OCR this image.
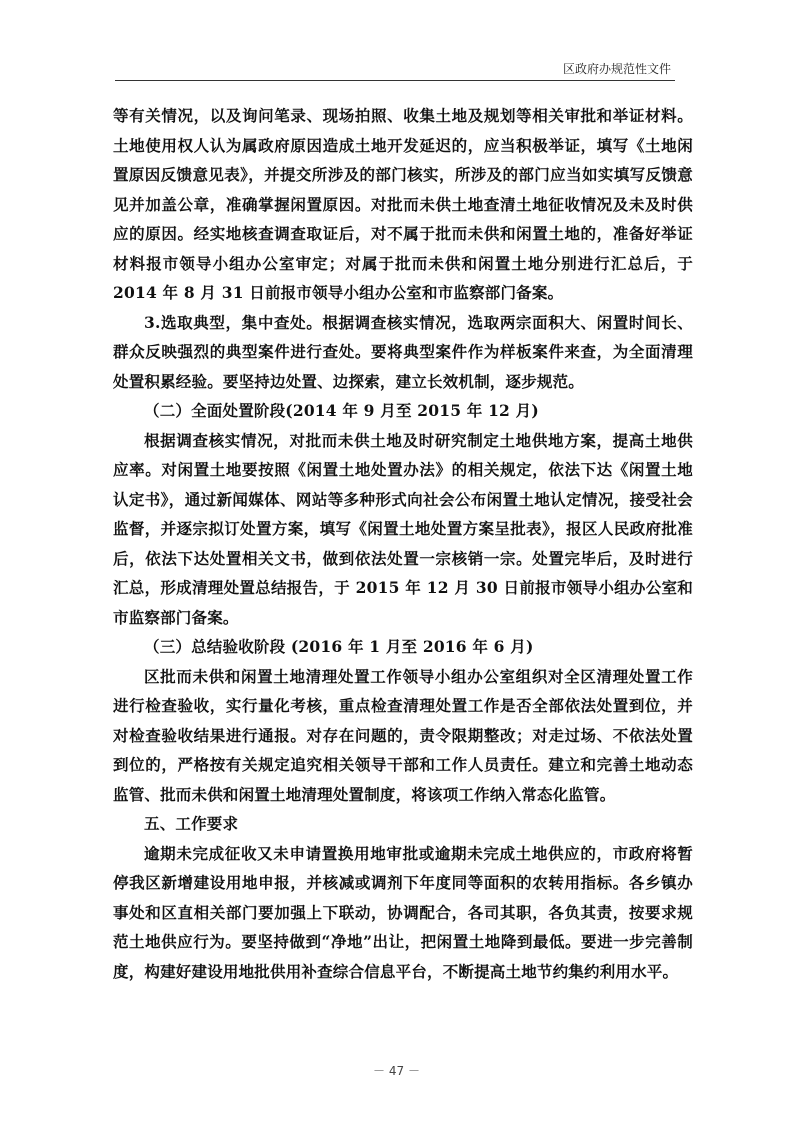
区政府办规范性文件

等有关情况，以及询问笔录、现场拍照、收集土地及规划等相关审批和举证材料。土地使用权人认为属政府原因造成土地开发延迟的，应当积极举证，填写《土地闲置原因反馈意见表》，并提交所涉及的部门核实，所涉及的部门应当如实填写反馈意见并加盖公章，准确掌握闲置原因。对批而未供土地查清土地征收情况及未及时供应的原因。经实地核查调查取证后，对不属于批而未供和闲置土地的，准备好举证材料报市领导小组办公室审定；对属于批而未供和闲置土地分别进行汇总后，于 2014 年 8 月 31 日前报市领导小组办公室和市监察部门备案。

3.选取典型，集中查处。根据调查核实情况，选取两宗面积大、闲置时间长、群众反映强烈的典型案件进行查处。要将典型案件作为样板案件来查，为全面清理处置积累经验。要坚持边处置、边探索，建立长效机制，逐步规范。

（二）全面处置阶段(2014 年 9 月至 2015 年 12 月)

根据调查核实情况，对批而未供土地及时研究制定土地供地方案，提高土地供应率。对闲置土地要按照《闲置土地处置办法》的相关规定，依法下达《闲置土地认定书》，通过新闻媒体、网站等多种形式向社会公布闲置土地认定情况，接受社会监督，并逐宗拟订处置方案，填写《闲置土地处置方案呈批表》，报区人民政府批准后，依法下达处置相关文书，做到依法处置一宗核销一宗。处置完毕后，及时进行汇总，形成清理处置总结报告，于 2015 年 12 月 30 日前报市领导小组办公室和市监察部门备案。

（三）总结验收阶段 (2016 年 1 月至 2016 年 6 月)

区批而未供和闲置土地清理处置工作领导小组办公室组织对全区清理处置工作进行检查验收，实行量化考核，重点检查清理处置工作是否全部依法处置到位，并对检查验收结果进行通报。对存在问题的，责令限期整改；对走过场、不依法处置到位的，严格按有关规定追究相关领导干部和工作人员责任。建立和完善土地动态监管、批而未供和闲置土地清理处置制度，将该项工作纳入常态化监管。

五、工作要求

逾期未完成征收又未申请置换用地审批或逾期未完成土地供应的，市政府将暂停我区新增建设用地申报，并核减或调剂下年度同等面积的农转用指标。各乡镇办事处和区直相关部门要加强上下联动，协调配合，各司其职，各负其责，按要求规范土地供应行为。要坚持做到“净地”出让，把闲置土地降到最低。要进一步完善制度，构建好建设用地批供用补查综合信息平台，不断提高土地节约集约利用水平。

－ 47 －
